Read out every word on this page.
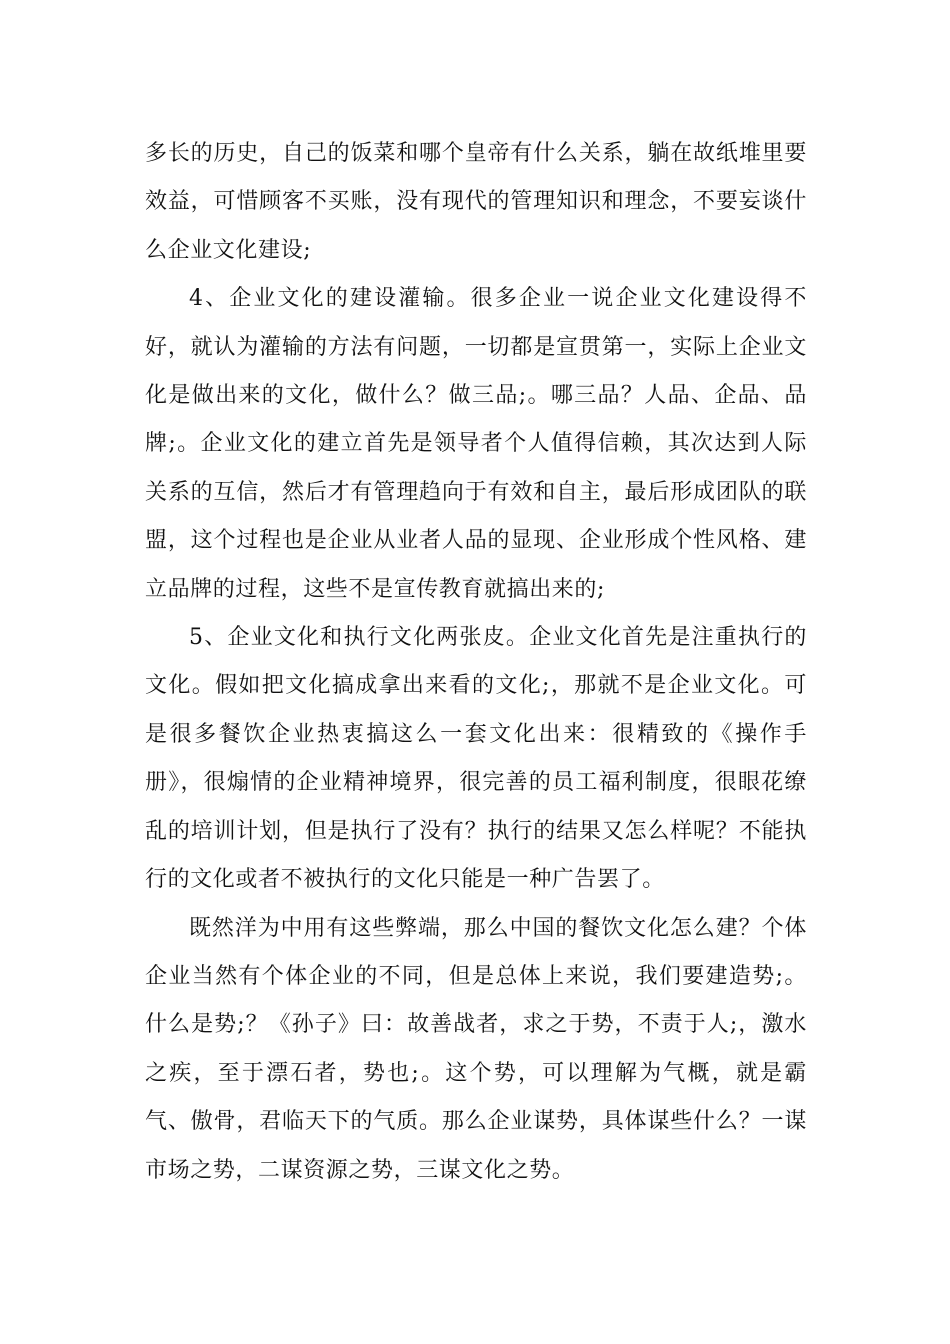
多长的历史，自己的饭菜和哪个皇帝有什么关系，躺在故纸堆里要效益，可惜顾客不买账，没有现代的管理知识和理念，不要妄谈什么企业文化建设;

4、企业文化的建设灌输。很多企业一说企业文化建设得不好，就认为灌输的方法有问题，一切都是宣贯第一，实际上企业文化是做出来的文化，做什么？做三品;。哪三品？人品、企品、品牌;。企业文化的建立首先是领导者个人值得信赖，其次达到人际关系的互信，然后才有管理趋向于有效和自主，最后形成团队的联盟，这个过程也是企业从业者人品的显现、企业形成个性风格、建立品牌的过程，这些不是宣传教育就搞出来的;

5、企业文化和执行文化两张皮。企业文化首先是注重执行的文化。假如把文化搞成拿出来看的文化;，那就不是企业文化。可是很多餐饮企业热衷搞这么一套文化出来：很精致的《操作手册》，很煽情的企业精神境界，很完善的员工福利制度，很眼花缭乱的培训计划，但是执行了没有？执行的结果又怎么样呢？不能执行的文化或者不被执行的文化只能是一种广告罢了。

既然洋为中用有这些弊端，那么中国的餐饮文化怎么建？个体企业当然有个体企业的不同，但是总体上来说，我们要建造势;。什么是势;？《孙子》曰：故善战者，求之于势，不责于人;，激水之疾，至于漂石者，势也;。这个势，可以理解为气概，就是霸气、傲骨，君临天下的气质。那么企业谋势，具体谋些什么？一谋市场之势，二谋资源之势，三谋文化之势。
